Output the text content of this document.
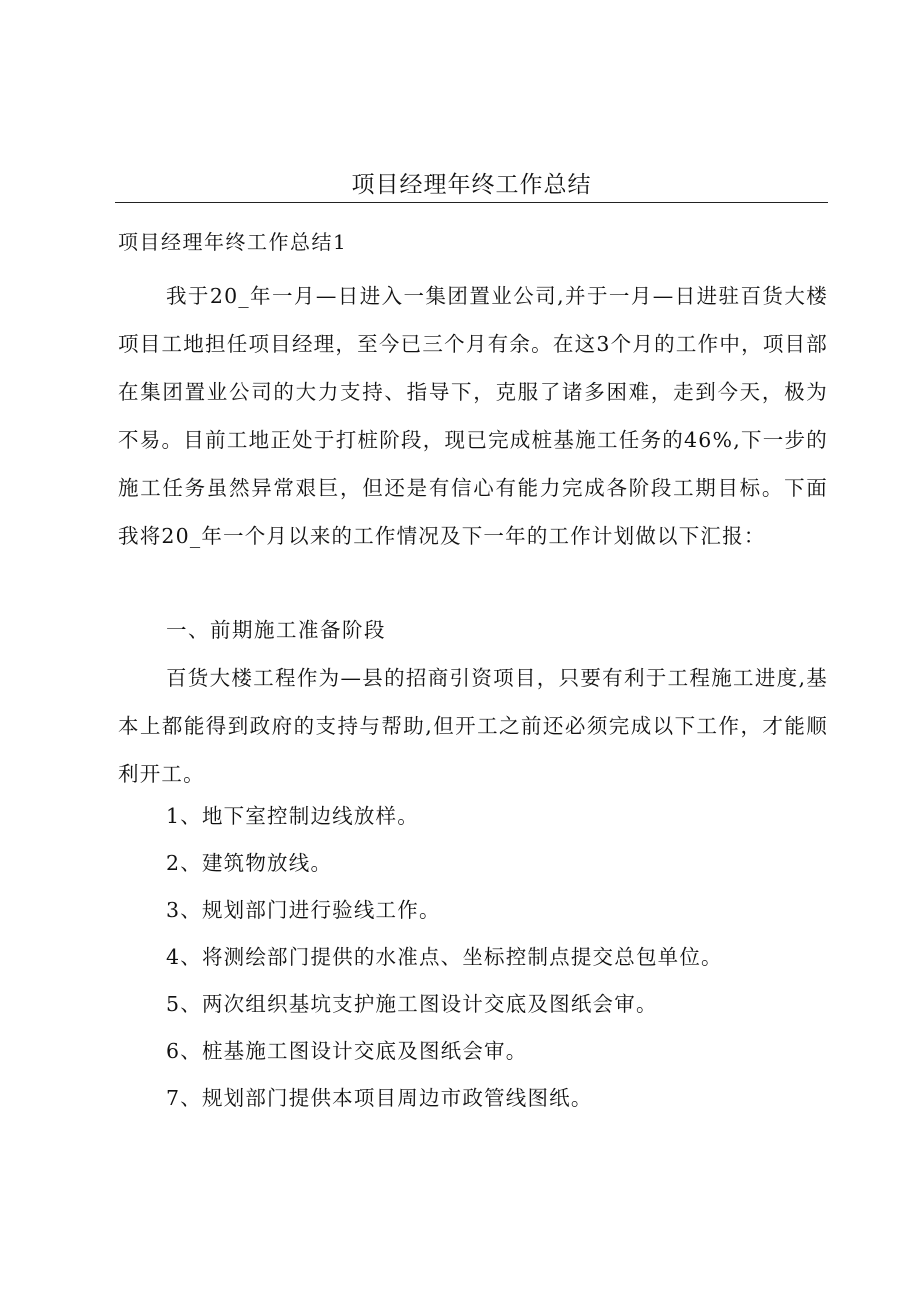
项目经理年终工作总结

项目经理年终工作总结1

我于20_年一月—日进入一集团置业公司,并于一月—日进驻百货大楼项目工地担任项目经理，至今已三个月有余。在这3个月的工作中，项目部在集团置业公司的大力支持、指导下，克服了诸多困难，走到今天，极为不易。目前工地正处于打桩阶段，现已完成桩基施工任务的46%,下一步的施工任务虽然异常艰巨，但还是有信心有能力完成各阶段工期目标。下面我将20_年一个月以来的工作情况及下一年的工作计划做以下汇报：

一、前期施工准备阶段

百货大楼工程作为—县的招商引资项目，只要有利于工程施工进度,基本上都能得到政府的支持与帮助,但开工之前还必须完成以下工作，才能顺利开工。

1、地下室控制边线放样。
2、建筑物放线。
3、规划部门进行验线工作。
4、将测绘部门提供的水准点、坐标控制点提交总包单位。
5、两次组织基坑支护施工图设计交底及图纸会审。
6、桩基施工图设计交底及图纸会审。
7、规划部门提供本项目周边市政管线图纸。
